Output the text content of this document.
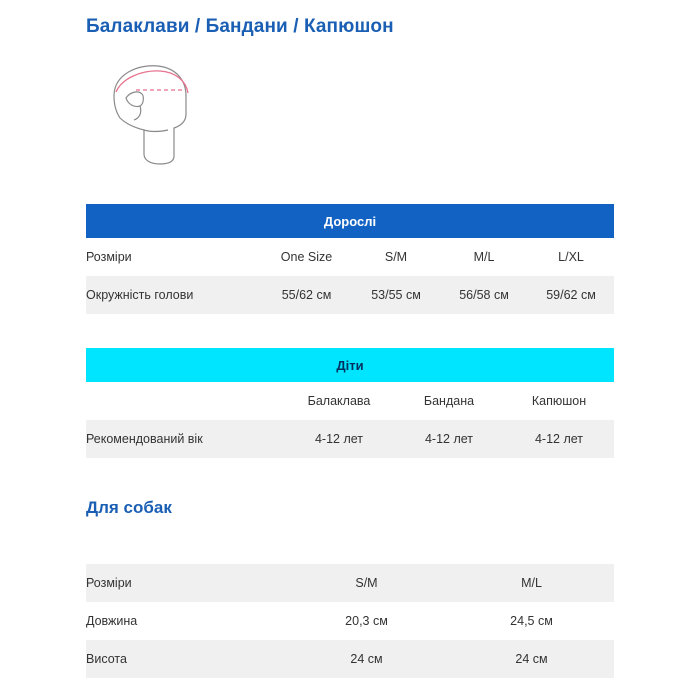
Балаклави / Бандани / Капюшон
Дорослі				
Розміри	One Size	S/M	M/L	L/XL
Окружність голови	55/62 см	53/55 см	56/58 см	59/62 см
Діти			
	Балаклава	Бандана	Капюшон
Рекомендований вік	4-12 лет	4-12 лет	4-12 лет
Для собак
Розміри	S/M	M/L
Довжина	20,3 см	24,5 см
Висота	24 см	24 см
